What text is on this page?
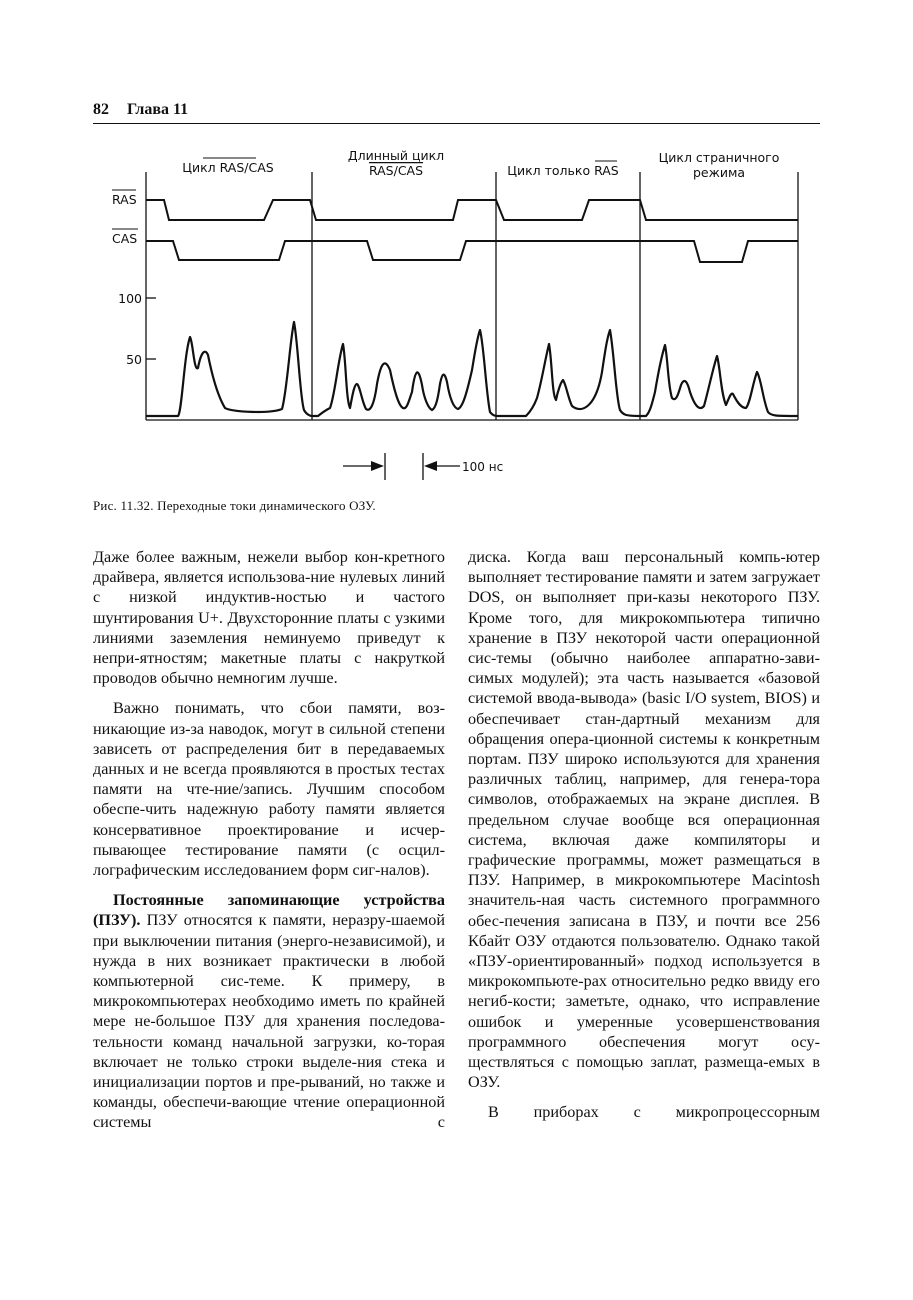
82 Глава 11
Цикл RAS/CAS
Длинный цикл
RAS/CAS	Цикл только RAS
Цикл страничного
режима
RAS
CAS
100
50
100 нс
Рис. 11.32. Переходные токи динамического ОЗУ.

Даже более важным, нежели выбор кон-кретного драйвера, является использова-ние нулевых линий с низкой индуктив-ностью и частого шунтирования U+. Двухсторонние платы с узкими линиями заземления неминуемо приведут к непри-ятностям; макетные платы с накруткой проводов обычно немногим лучше.

Важно понимать, что сбои памяти, воз-никающие из-за наводок, могут в сильной степени зависеть от распределения бит в передаваемых данных и не всегда проявляются в простых тестах памяти на чте-ние/запись. Лучшим способом обеспе-чить надежную работу памяти является консервативное проектирование и исчер-пывающее тестирование памяти (с осцил-лографическим исследованием форм сиг-налов).

Постоянные запоминающие устройства (ПЗУ). ПЗУ относятся к памяти, неразру-шаемой при выключении питания (энерго-независимой), и нужда в них возникает практически в любой компьютерной сис-теме. К примеру, в микрокомпьютерах необходимо иметь по крайней мере не-большое ПЗУ для хранения последова-тельности команд начальной загрузки, ко-торая включает не только строки выделе-ния стека и инициализации портов и пре-рываний, но также и команды, обеспечи-вающие чтение операционной системы с

диска. Когда ваш персональный компь-ютер выполняет тестирование памяти и затем загружает DOS, он выполняет при-казы некоторого ПЗУ. Кроме того, для микрокомпьютера типично хранение в ПЗУ некоторой части операционной сис-темы (обычно наиболее аппаратно-зави-симых модулей); эта часть называется «базовой системой ввода-вывода» (basic I/O system, BIOS) и обеспечивает стан-дартный механизм для обращения опера-ционной системы к конкретным портам. ПЗУ широко используются для хранения различных таблиц, например, для генера-тора символов, отображаемых на экране дисплея. В предельном случае вообще вся операционная система, включая даже компиляторы и графические программы, может размещаться в ПЗУ. Например, в микрокомпьютере Macintosh значитель-ная часть системного программного обес-печения записана в ПЗУ, и почти все 256 Кбайт ОЗУ отдаются пользователю. Однако такой «ПЗУ-ориентированный» подход используется в микрокомпьюте-рах относительно редко ввиду его негиб-кости; заметьте, однако, что исправление ошибок и умеренные усовершенствования программного обеспечения могут осу-ществляться с помощью заплат, размеща-емых в ОЗУ.

В приборах с микропроцессорным
